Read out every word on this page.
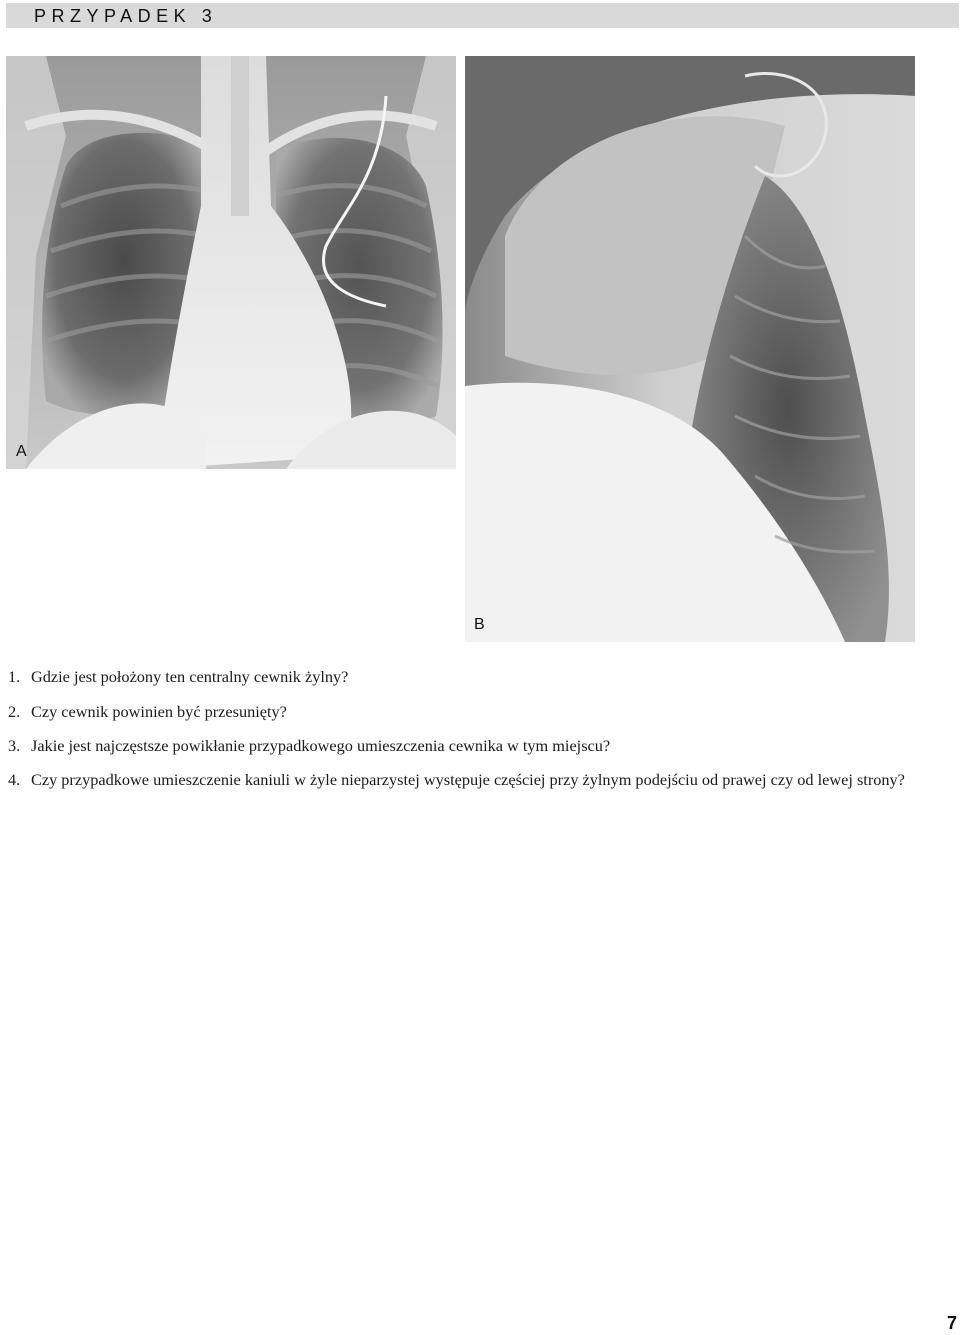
PRZYPADEK 3
A
B

1. Gdzie jest położony ten centralny cewnik żylny?

2. Czy cewnik powinien być przesunięty?

3. Jakie jest najczęstsze powikłanie przypadkowego umieszczenia cewnika w tym miejscu?

4. Czy przypadkowe umieszczenie kaniuli w żyle nieparzystej występuje częściej przy żylnym podejściu od prawej czy od lewej strony?

7
